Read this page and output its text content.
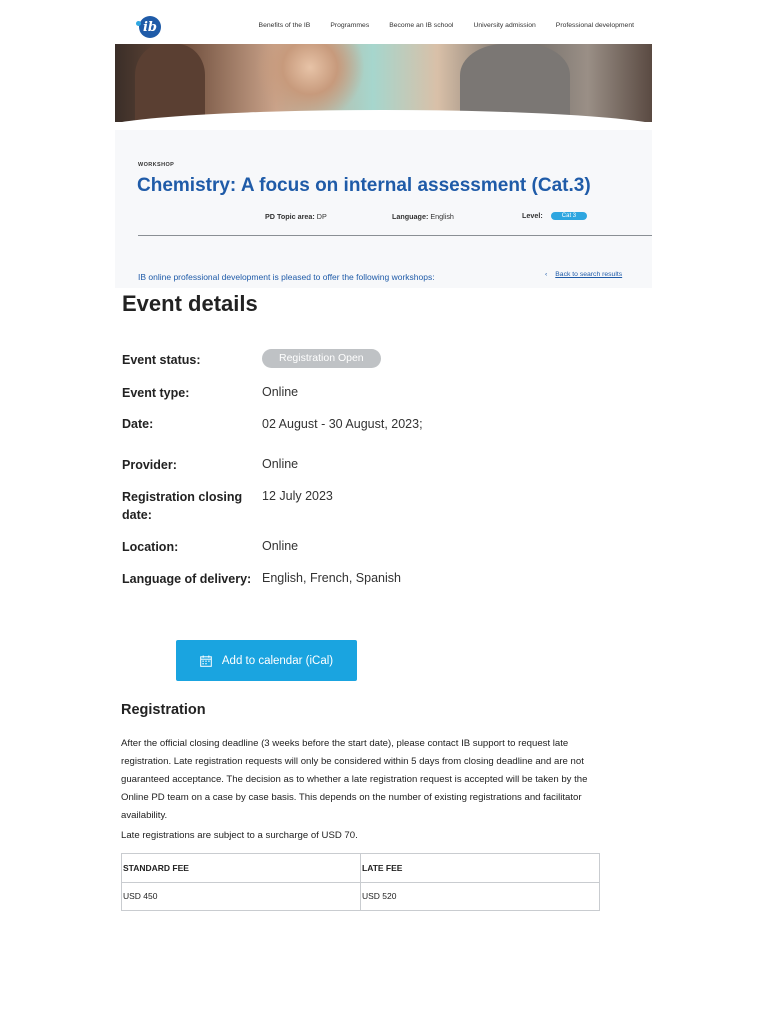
ib	Benefits of the IB	Programmes	Become an IB school	University admission	Professional development
WORKSHOP
Chemistry: A focus on internal assessment (Cat.3)
PD Topic area: DP	Language: English	Level:	Cat 3
IB online professional development is pleased to offer the following workshops:	‹ Back to search results
Event details
Event status:	Registration Open
Event type:	Online
Date:	02 August - 30 August, 2023;
Provider:	Online
Registration closing date:
12 July 2023
Location:	Online
Language of delivery: English, French, Spanish
Add to calendar (iCal)
Registration

After the official closing deadline (3 weeks before the start date), please contact IB support to request late registration. Late registration requests will only be considered within 5 days from closing deadline and are not guaranteed acceptance. The decision as to whether a late registration request is accepted will be taken by the Online PD team on a case by case basis. This depends on the number of existing registrations and facilitator availability.

Late registrations are subject to a surcharge of USD 70.

STANDARD FEE	LATE FEE
USD 450	USD 520
